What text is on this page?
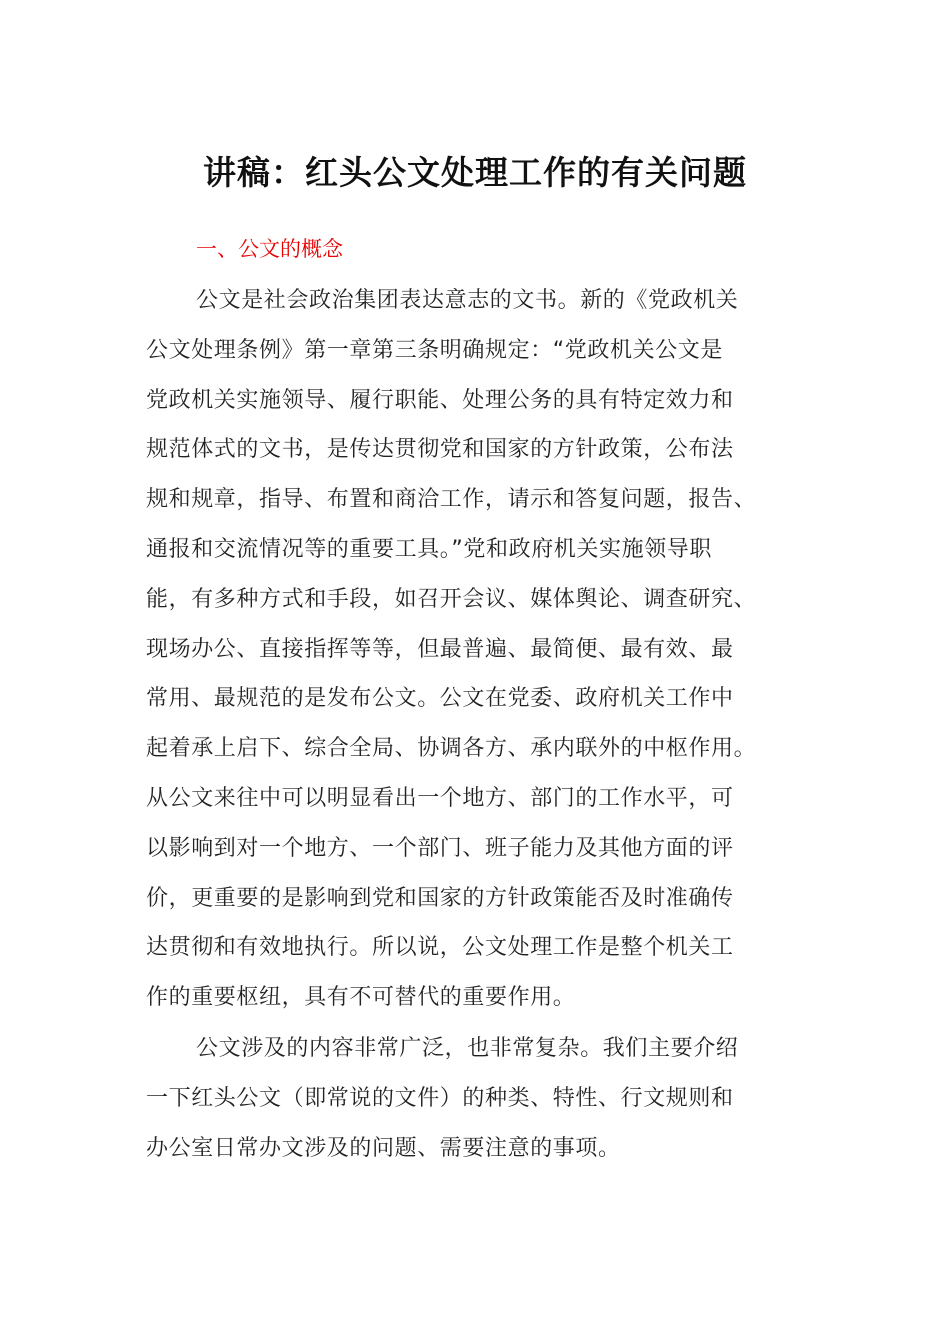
讲稿：红头公文处理工作的有关问题
一、公文的概念
公文是社会政治集团表达意志的文书。新的《党政机关
公文处理条例》第一章第三条明确规定：“党政机关公文是
党政机关实施领导、履行职能、处理公务的具有特定效力和
规范体式的文书，是传达贯彻党和国家的方针政策，公布法
规和规章，指导、布置和商洽工作，请示和答复问题，报告、
通报和交流情况等的重要工具。”党和政府机关实施领导职
能，有多种方式和手段，如召开会议、媒体舆论、调查研究、
现场办公、直接指挥等等，但最普遍、最简便、最有效、最
常用、最规范的是发布公文。公文在党委、政府机关工作中
起着承上启下、综合全局、协调各方、承内联外的中枢作用。
从公文来往中可以明显看出一个地方、部门的工作水平，可
以影响到对一个地方、一个部门、班子能力及其他方面的评
价，更重要的是影响到党和国家的方针政策能否及时准确传
达贯彻和有效地执行。所以说，公文处理工作是整个机关工
作的重要枢纽，具有不可替代的重要作用。
公文涉及的内容非常广泛，也非常复杂。我们主要介绍
一下红头公文（即常说的文件）的种类、特性、行文规则和
办公室日常办文涉及的问题、需要注意的事项。
